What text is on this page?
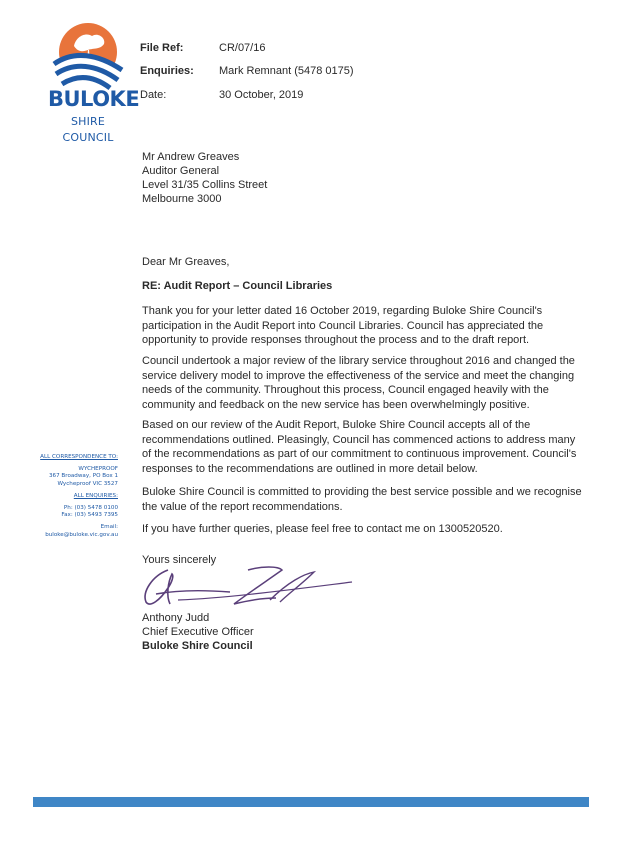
BULOKE
SHIRE COUNCIL
File Ref:	CR/07/16
Enquiries:	Mark Remnant (5478 0175)
Date:	30 October, 2019
Mr Andrew Greaves
Auditor General
Level 31/35 Collins Street
Melbourne 3000
Dear Mr Greaves,
RE: Audit Report – Council Libraries
Thank you for your letter dated 16 October 2019, regarding Buloke Shire Council's participation in the Audit Report into Council Libraries. Council has appreciated the opportunity to provide responses throughout the process and to the draft report.
Council undertook a major review of the library service throughout 2016 and changed the service delivery model to improve the effectiveness of the service and meet the changing needs of the community. Throughout this process, Council engaged heavily with the community and feedback on the new service has been overwhelmingly positive.
Based on our review of the Audit Report, Buloke Shire Council accepts all of the recommendations outlined. Pleasingly, Council has commenced actions to address many of the recommendations as part of our commitment to continuous improvement. Council's responses to the recommendations are outlined in more detail below.
Buloke Shire Council is committed to providing the best service possible and we recognise the value of the report recommendations.
If you have further queries, please feel free to contact me on 1300520520.
Yours sincerely
ALL CORRESPONDENCE TO:
WYCHEPROOF
367 Broadway, PO Box 1
Wycheproof VIC 3527
ALL ENQUIRIES:
Ph: (03) 5478 0100
Fax: (03) 5493 7395
Email: buloke@buloke.vic.gov.au
Anthony Judd
Chief Executive Officer
Buloke Shire Council
